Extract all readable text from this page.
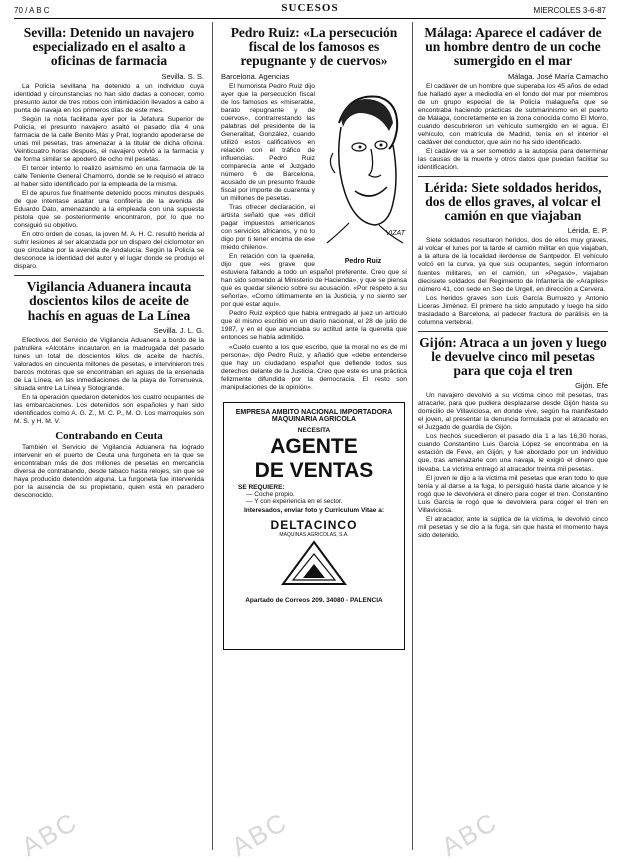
70 / A B C	SUCESOS	MIERCOLES 3-6-87
Sevilla: Detenido un navajero especializado en el asalto a oficinas de farmacia
Sevilla. S. S.

La Policía sevillana ha detenido a un individuo cuya identidad y circunstancias no han sido dadas a conocer, como presunto autor de tres robos con intimidación llevados a cabo a punta de navaja en los primeros días de este mes.

Según la nota facilitada ayer por la Jefatura Superior de Policía, el presunto navajero asaltó el pasado día 4 una farmacia de la calle Benito Más y Prat, logrando apoderarse de unas mil pesetas, tras amenazar a la titular de dicha oficina. Veinticuatro horas después, el navajero volvió a la farmacia y de forma similar se apoderó de ocho mil pesetas.

El tercer intento lo realizó asimismo en una farmacia de la calle Teniente General Chamorro, donde se le requisó el atraco al haber sido identificado por la empleada de la misma.

El de apuros fue finalmente detenido pocos minutos después de que intentase asaltar una confitería de la avenida de Eduardo Dato, amenazando a la empleada con una supuesta pistola que se posteriormente encontraron, por lo que no consiguió su objetivo.

En otro orden de cosas, la joven M. A. H. C. resultó herida al sufrir lesiones al ser alcanzada por un disparo del ciclomotor en que circulaba por la avenida de Andalucía. Según la Policía se desconoce la identidad del autor y el lugar donde se produjo el disparo.

Vigilancia Aduanera incauta doscientos kilos de aceite de hachís en aguas de La Línea
Sevilla. J. L. G.

Efectivos del Servicio de Vigilancia Aduanera a bordo de la patrullera «Alcotán» incautaron en la madrugada del pasado lunes un total de doscientos kilos de aceite de hachís, valorados en cincuenta millones de pesetas, e intervinieron tres barcos motoras que se encontraban en aguas de la ensenada de La Línea, en las inmediaciones de la playa de Torrenueva, situada entre La Línea y Sotogrande.

En la operación quedaron detenidos los cuatro ocupantes de las embarcaciones. Los detenidos son españoles y han sido identificados como A. G. Z., M. C. P., M. O. Los marroquíes son M. S. y H. M. V.

Contrabando en Ceuta

También el Servicio de Vigilancia Aduanera ha logrado intervenir en el puerto de Ceuta una furgoneta en la que se encontraban más de dos millones de pesetas en mercancía diversa de contrabando, desde tabaco hasta relojes, sin que se haya producido detención alguna. La furgoneta fue intervenida por la ausencia de su propietario, quien está en paradero desconocido.

Pedro Ruiz: «La persecución fiscal de los famosos es repugnante y de cuervos»
Barcelona. Agencias
VIZAT
Pedro Ruiz

El humorista Pedro Ruiz dijo ayer que la persecución fiscal de los famosos es «miserable, barato repugnante y de cuervos», contrarrestando las palabras del presidente de la Generalitat, González, cuando utilizó estos calificativos en relación con el tráfico de influencias. Pedro Ruiz comparecía ante el Juzgado número 6 de Barcelona, acusado de un presunto fraude fiscal por importe de cuarenta y un millones de pesetas.

Tras ofrecer declaración, el artista señaló que «es difícil pagar impuestos americanos con servicios africanos, y no lo digo por ti tener encima de ese miedo chileno».

En relación con la querella, dijo que «es grave que estuviera faltando a todo un español preferente. Creo que sí han sido sometido al Ministerio de Hacienda», y que se piensa que es quedar silencio sobre su acusación. «Por respeto a su señoría», «Como últimamente en la Justicia, y no siento ser por que estar aquí».

Pedro Ruiz explicó que había entregado al juez un artículo que él mismo escribió en un diario nacional, el 28 de julio de 1987, y en el que anunciaba su actitud ante la querella que entonces se había admitido.

«Cuelo cuento a los que escribo, que la moral no es de mi persona», dijo Pedro Ruiz, y añadió que «debe entenderse que hay un ciudadano español que defiende todos sus derechos delante de la Justicia. Creo que este es una práctica felizmente difundida por la democracia. El resto son manipulaciones de la opinión».

EMPRESA AMBITO NACIONAL IMPORTADORA MAQUINARIA AGRICOLA
NECESITA
AGENTE
DE VENTAS
SE REQUIERE:
— Coche propio.
— Y con experiencia en el sector.
Interesados, enviar foto y Curriculum Vitae a:
DELTACINCO
MAQUINAS AGRICOLAS, S.A.
Apartado de Correos 209. 34080 - PALENCIA
Málaga: Aparece el cadáver de un hombre dentro de un coche sumergido en el mar
Málaga. José María Camacho

El cadáver de un hombre que superaba los 45 años de edad fue hallado ayer a mediodía en el fondo del mar por miembros de un grupo especial de la Policía malagueña que se encontraba haciendo prácticas de submarinismo en el puerto de Málaga, concretamente en la zona conocida como El Morro, cuando descubrieron un vehículo sumergido en el agua. El vehículo, con matrícula de Madrid, tenía en el interior el cadáver del conductor, que aún no ha sido identificado.

El cadáver va a ser sometido a la autopsia para determinar las causas de la muerte y otros datos que puedan facilitar su identificación.

Lérida: Siete soldados heridos, dos de ellos graves, al volcar el camión en que viajaban
Lérida. E. P.

Siete soldados resultaron heridos, dos de ellos muy graves, al volcar el lunes por la tarde el camión militar en que viajaban, a la altura de la localidad ilerdense de Santpedor. El vehículo volcó en la curva, ya que sus ocupantes, según informaron fuentes militares, en el camión, un «Pegaso», viajaban diecisiete soldados del Regimiento de Infantería de «Arapiles» número 41, con sede en Seo de Urgell, en dirección a Cervera.

Los heridos graves son Luis García Burruezo y Antonio Liceras Jiménez. El primero ha sido amputado y luego ha sido trasladado a Barcelona, al padecer fractura de parálisis en la columna vertebral.

Gijón: Atraca a un joven y luego le devuelve cinco mil pesetas para que coja el tren
Gijón. Efe

Un navajero devolvió a su víctima cinco mil pesetas, tras atracarle, para que pudiera desplazarse desde Gijón hasta su domicilio de Villaviciosa, en donde vive, según ha manifestado el joven, al presentar la denuncia formulada por el atracado en el Juzgado de guardia de Gijón.

Los hechos sucedieron el pasado día 1 a las 16,30 horas, cuando Constantino Luis García López se encontraba en la estación de Feve, en Gijón, y fue abordado por un individuo que, tras amenazarle con una navaja, le exigió el dinero que llevaba. La víctima entregó al atracador treinta mil pesetas.

El joven le dijo a la víctima mil pesetas que eran todo lo que tenía y al darse a la fuga, lo persiguió hasta darle alcance y le rogó que le devolviera el dinero para coger el tren. Constantino Luis García le rogó que le devolviera para coger el tren en Villaviciosa.

El atracador, ante la súplica de la víctima, le devolvió cinco mil pesetas y se dio a la fuga, sin que hasta el momento haya sido detenido.

ABC	ABC	ABC
